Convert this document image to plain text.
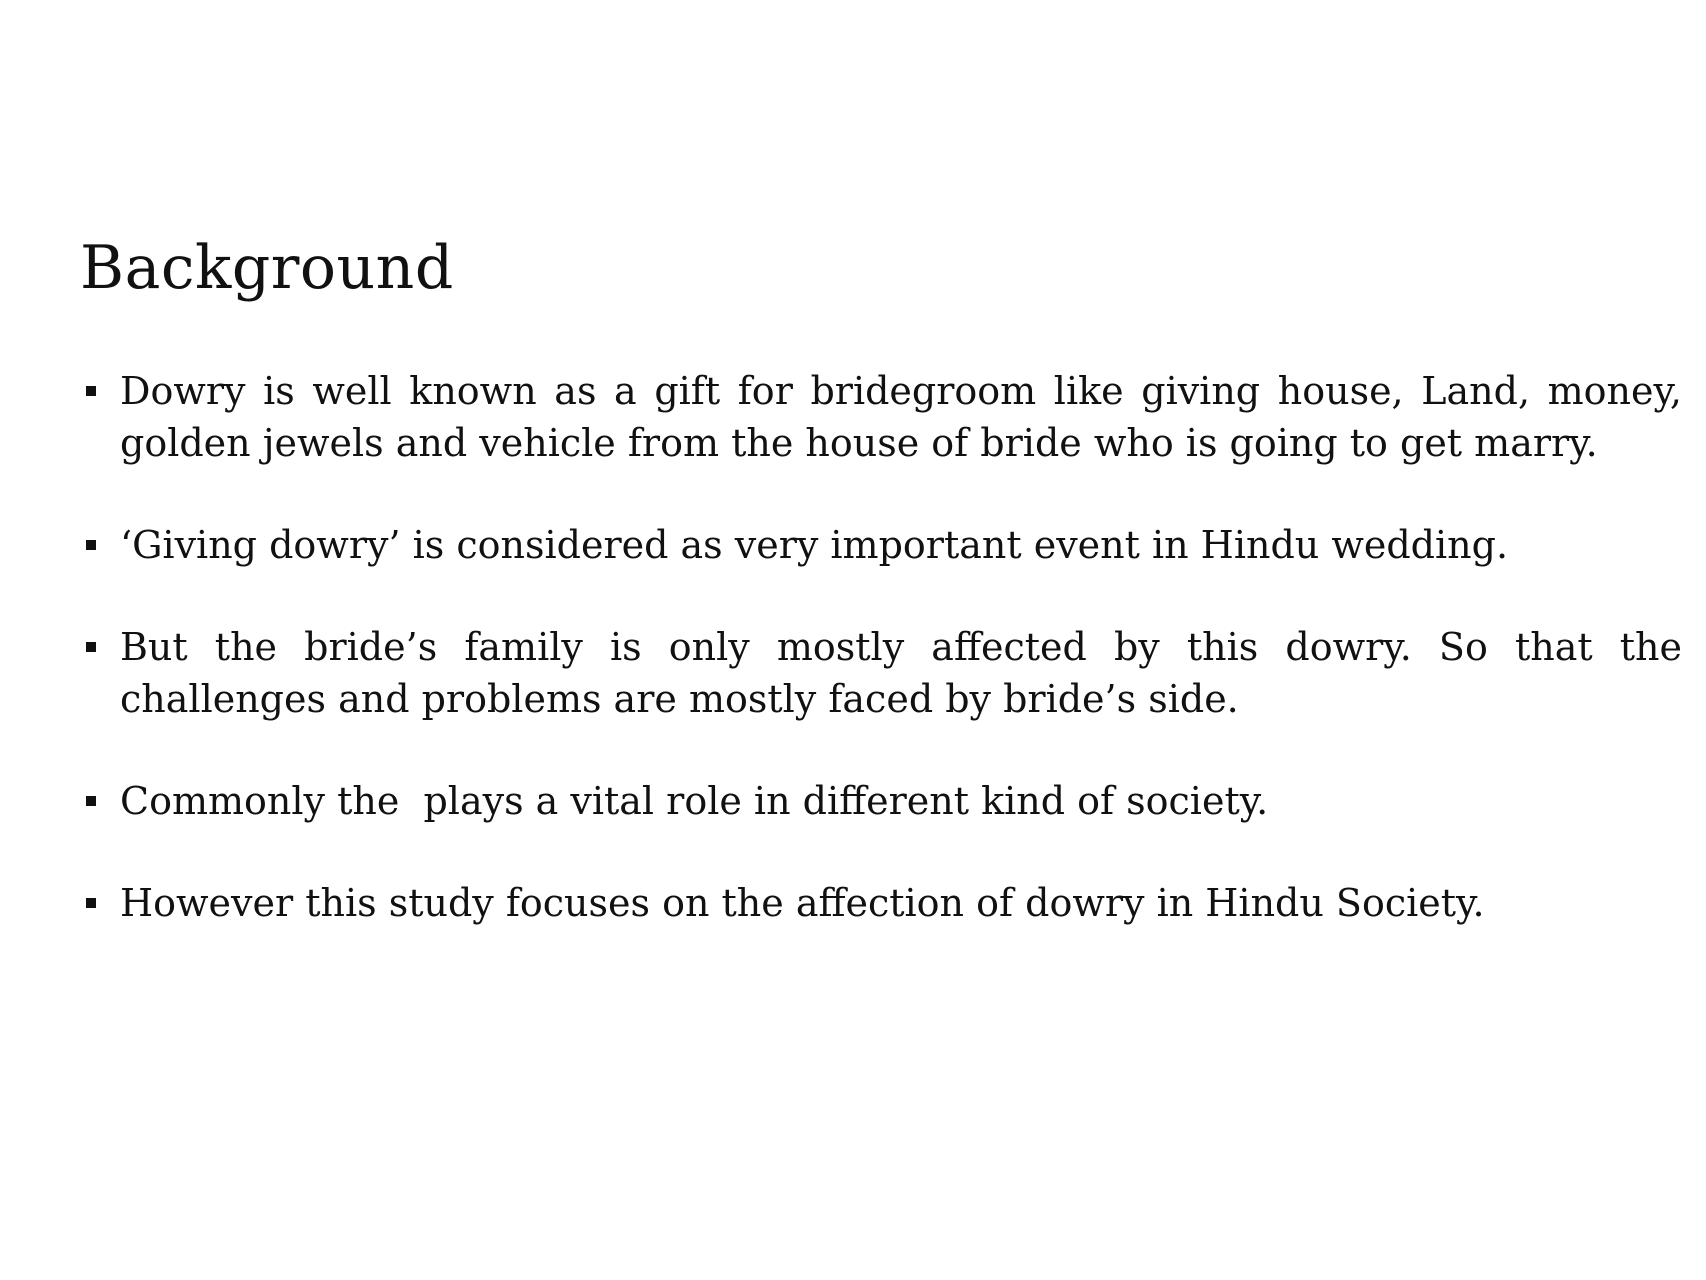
Background
Dowry is well known as a gift for bridegroom like giving house, Land, money, golden jewels and vehicle from the house of bride who is going to get marry.
‘Giving dowry’ is considered as very important event in Hindu wedding.
But the bride’s family is only mostly affected by this dowry. So that the challenges and problems are mostly faced by bride’s side.
Commonly the  plays a vital role in different kind of society.
However this study focuses on the affection of dowry in Hindu Society.
